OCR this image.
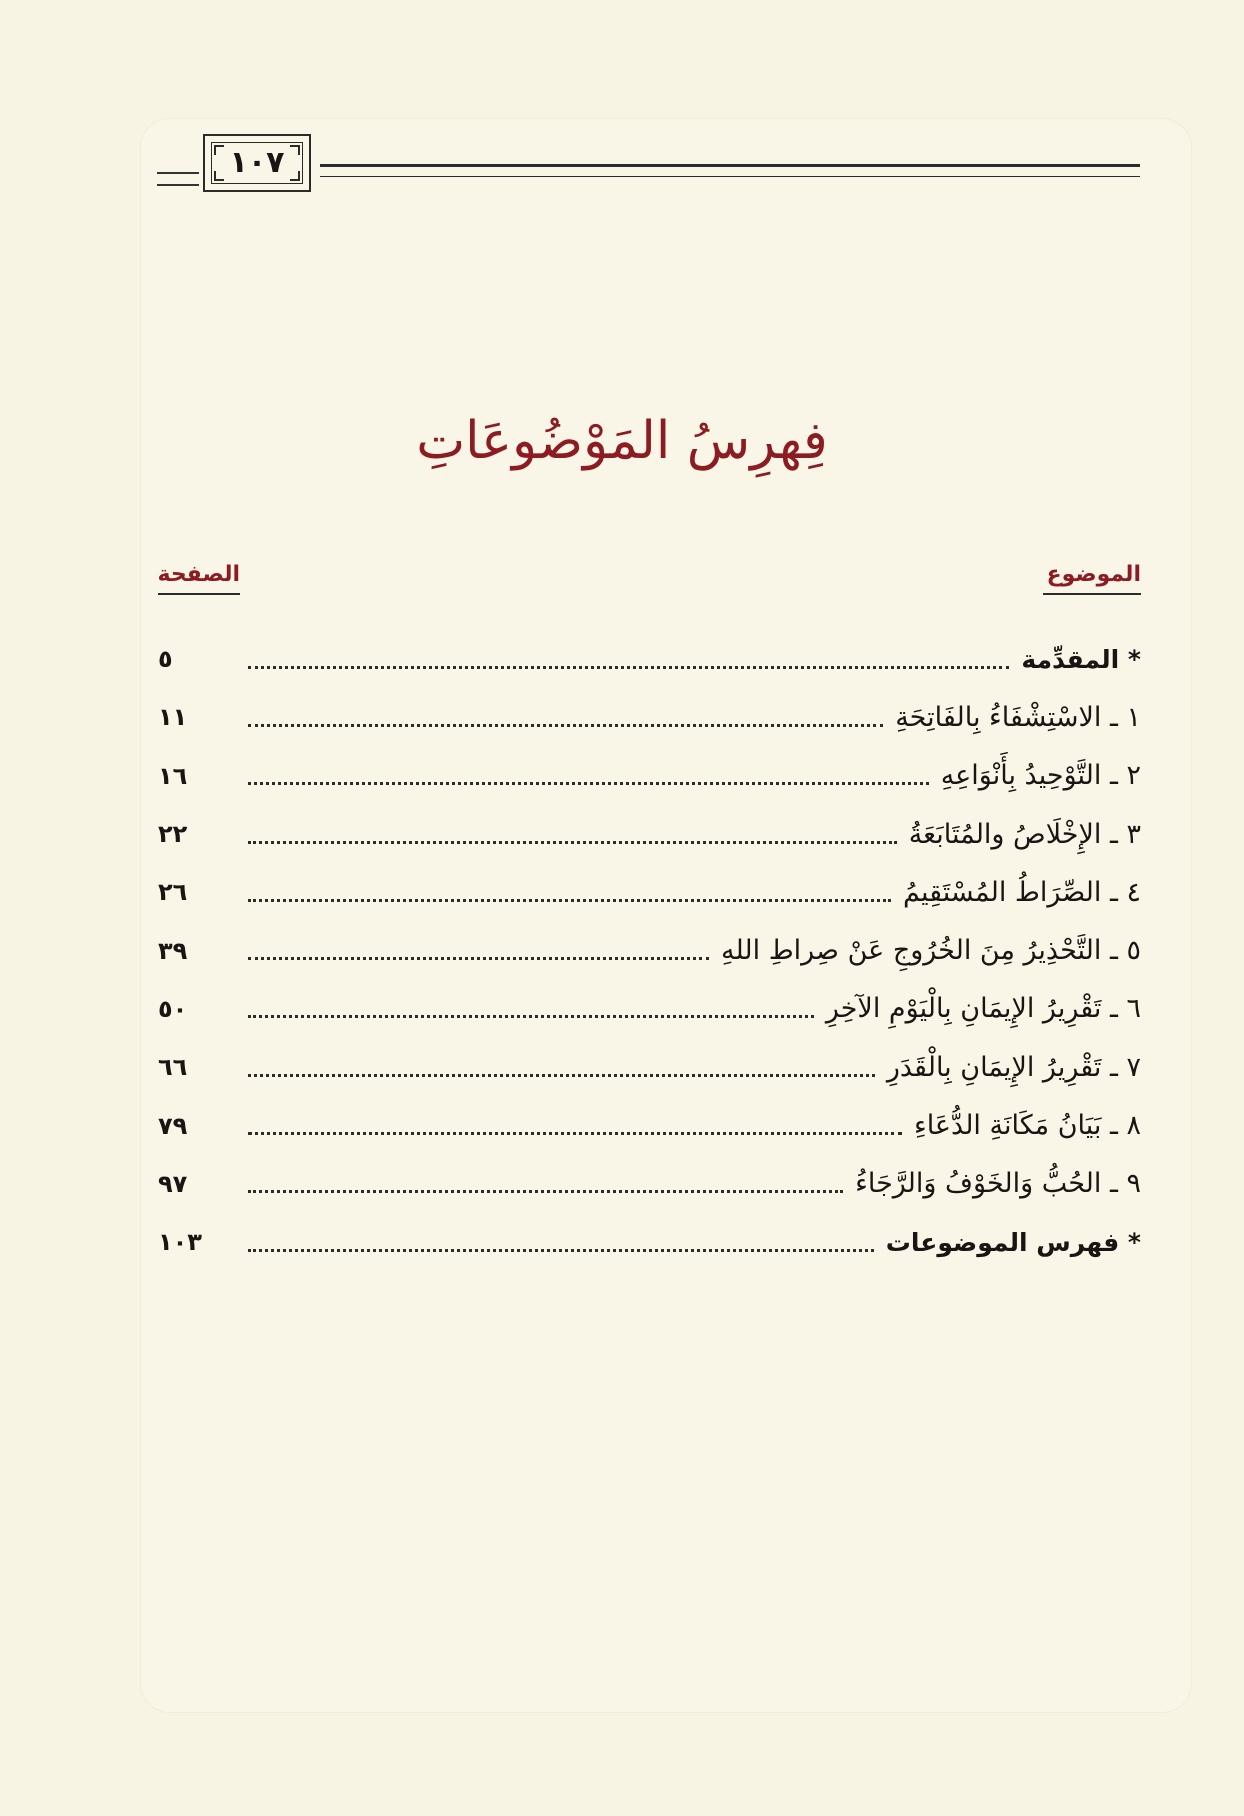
١٠٧
فِهرِسُ المَوْضُوعَاتِ
الموضوع
الصفحة
* المقدِّمة
٥
١ ـ الاسْتِشْفَاءُ بِالفَاتِحَةِ
١١
٢ ـ التَّوْحِيدُ بِأَنْوَاعِهِ
١٦
٣ ـ الإِخْلَاصُ والمُتَابَعَةُ
٢٢
٤ ـ الصِّرَاطُ المُسْتَقِيمُ
٢٦
٥ ـ التَّحْذِيرُ مِنَ الخُرُوجِ عَنْ صِراطِ اللهِ
٣٩
٦ ـ تَقْرِيرُ الإِيمَانِ بِالْيَوْمِ الآخِرِ
٥٠
٧ ـ تَقْرِيرُ الإِيمَانِ بِالْقَدَرِ
٦٦
٨ ـ بَيَانُ مَكَانَةِ الدُّعَاءِ
٧٩
٩ ـ الحُبُّ وَالخَوْفُ وَالرَّجَاءُ
٩٧
* فهرس الموضوعات
١٠٣
